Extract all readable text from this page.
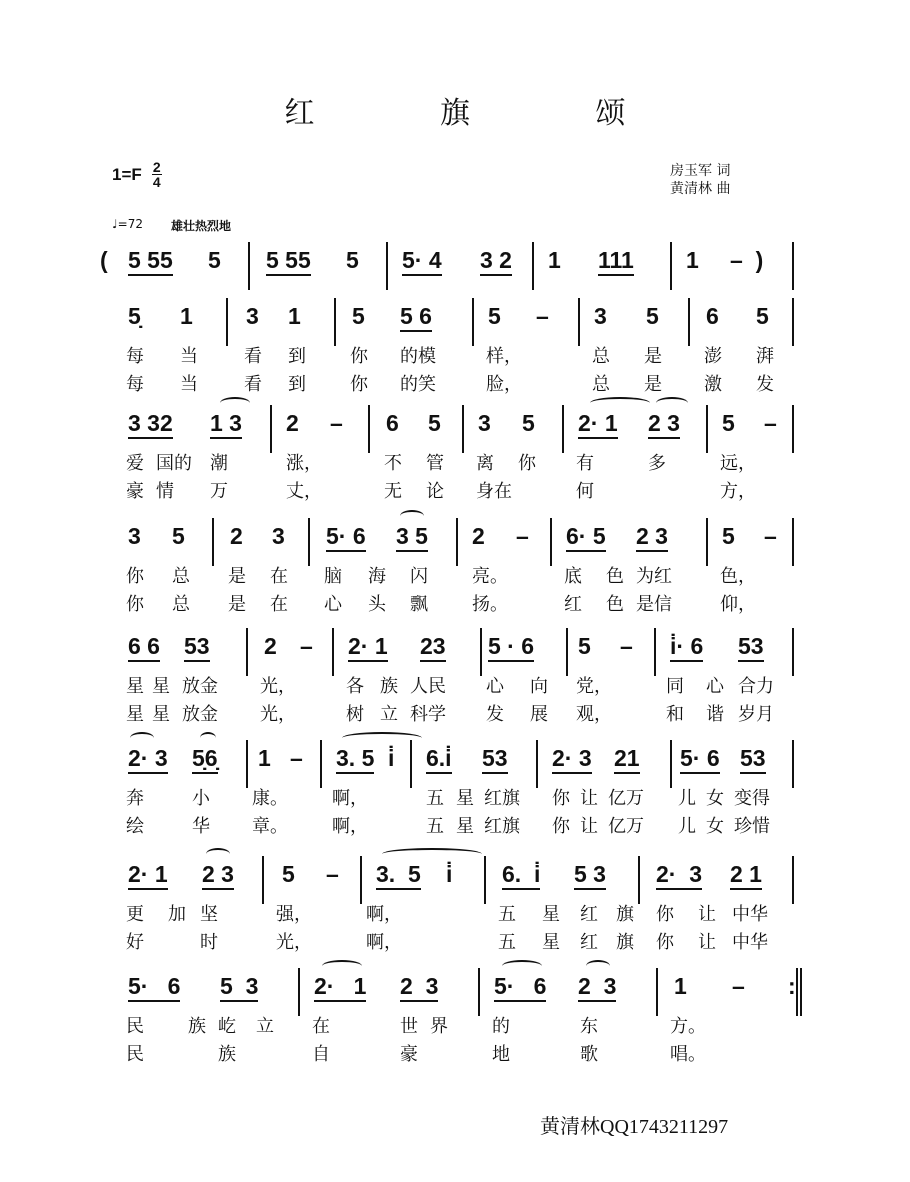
红 旗 颂
$1=F \frac{2}{4}$	房玉军 词
黄清林 曲
♩=72 雄壮热烈地
( 5 55 5 5 55 5 5· 4 3 2 1 111 1 –  )
5̣ 1 3 1 5 5 6 5 – 3 5 6 5
每 当	看 到 你 的模	样，	总 是 澎 湃
每 当	看 到 你 的笑	脸，	总 是 激 发
3 32 1 3 2 – 6 5 3 5 2· 1 2 3 5 –
爱 国的 潮	涨，	不 管 离 你 有	多	远，
豪 情 万	丈，	无 论 身在	何	方，
3 5 2 3 5· 6 3 5 2 – 6· 5 2 3 5 –
你 总 是 在 脑 海 闪 亮。	底 色 为红	色，
你 总 是 在 心 头 飘 扬。	红 色 是信	仰，
6 6 53 2 – 2· 1 23 5 · 6 5 – i̇· 6 53
星 星 放金 光，	各 族 人民 心 向 党，	同 心 合力
星 星 放金 光，	树 立 科学 发 展 观，	和 谐 岁月
2· 3 5̣6̣ 1 – 3. 5 i̇ 6.i̇ 53 2· 3 21 5· 6 53
奔	小 康。 啊，	五 星 红旗 你 让 亿万 儿 女 变得
绘	华 章。 啊，	五 星 红旗 你 让 亿万 儿 女 珍惜
2· 1 2 3 5 – 3.  5 i̇ 6.  i̇ 5 3 2·  3 2 1
更 加 坚	强，	啊，	五 星 红 旗 你 让 中华
好	时	光，	啊，	五 星 红 旗 你 让 中华
5·   6 5  3 2·   1 2  3 5·   6 2  3	1 – :
民 族 屹 立 在	世 界 的	东	方。
民	族	自	豪	地	歌	唱。
黄清林QQ1743211297
